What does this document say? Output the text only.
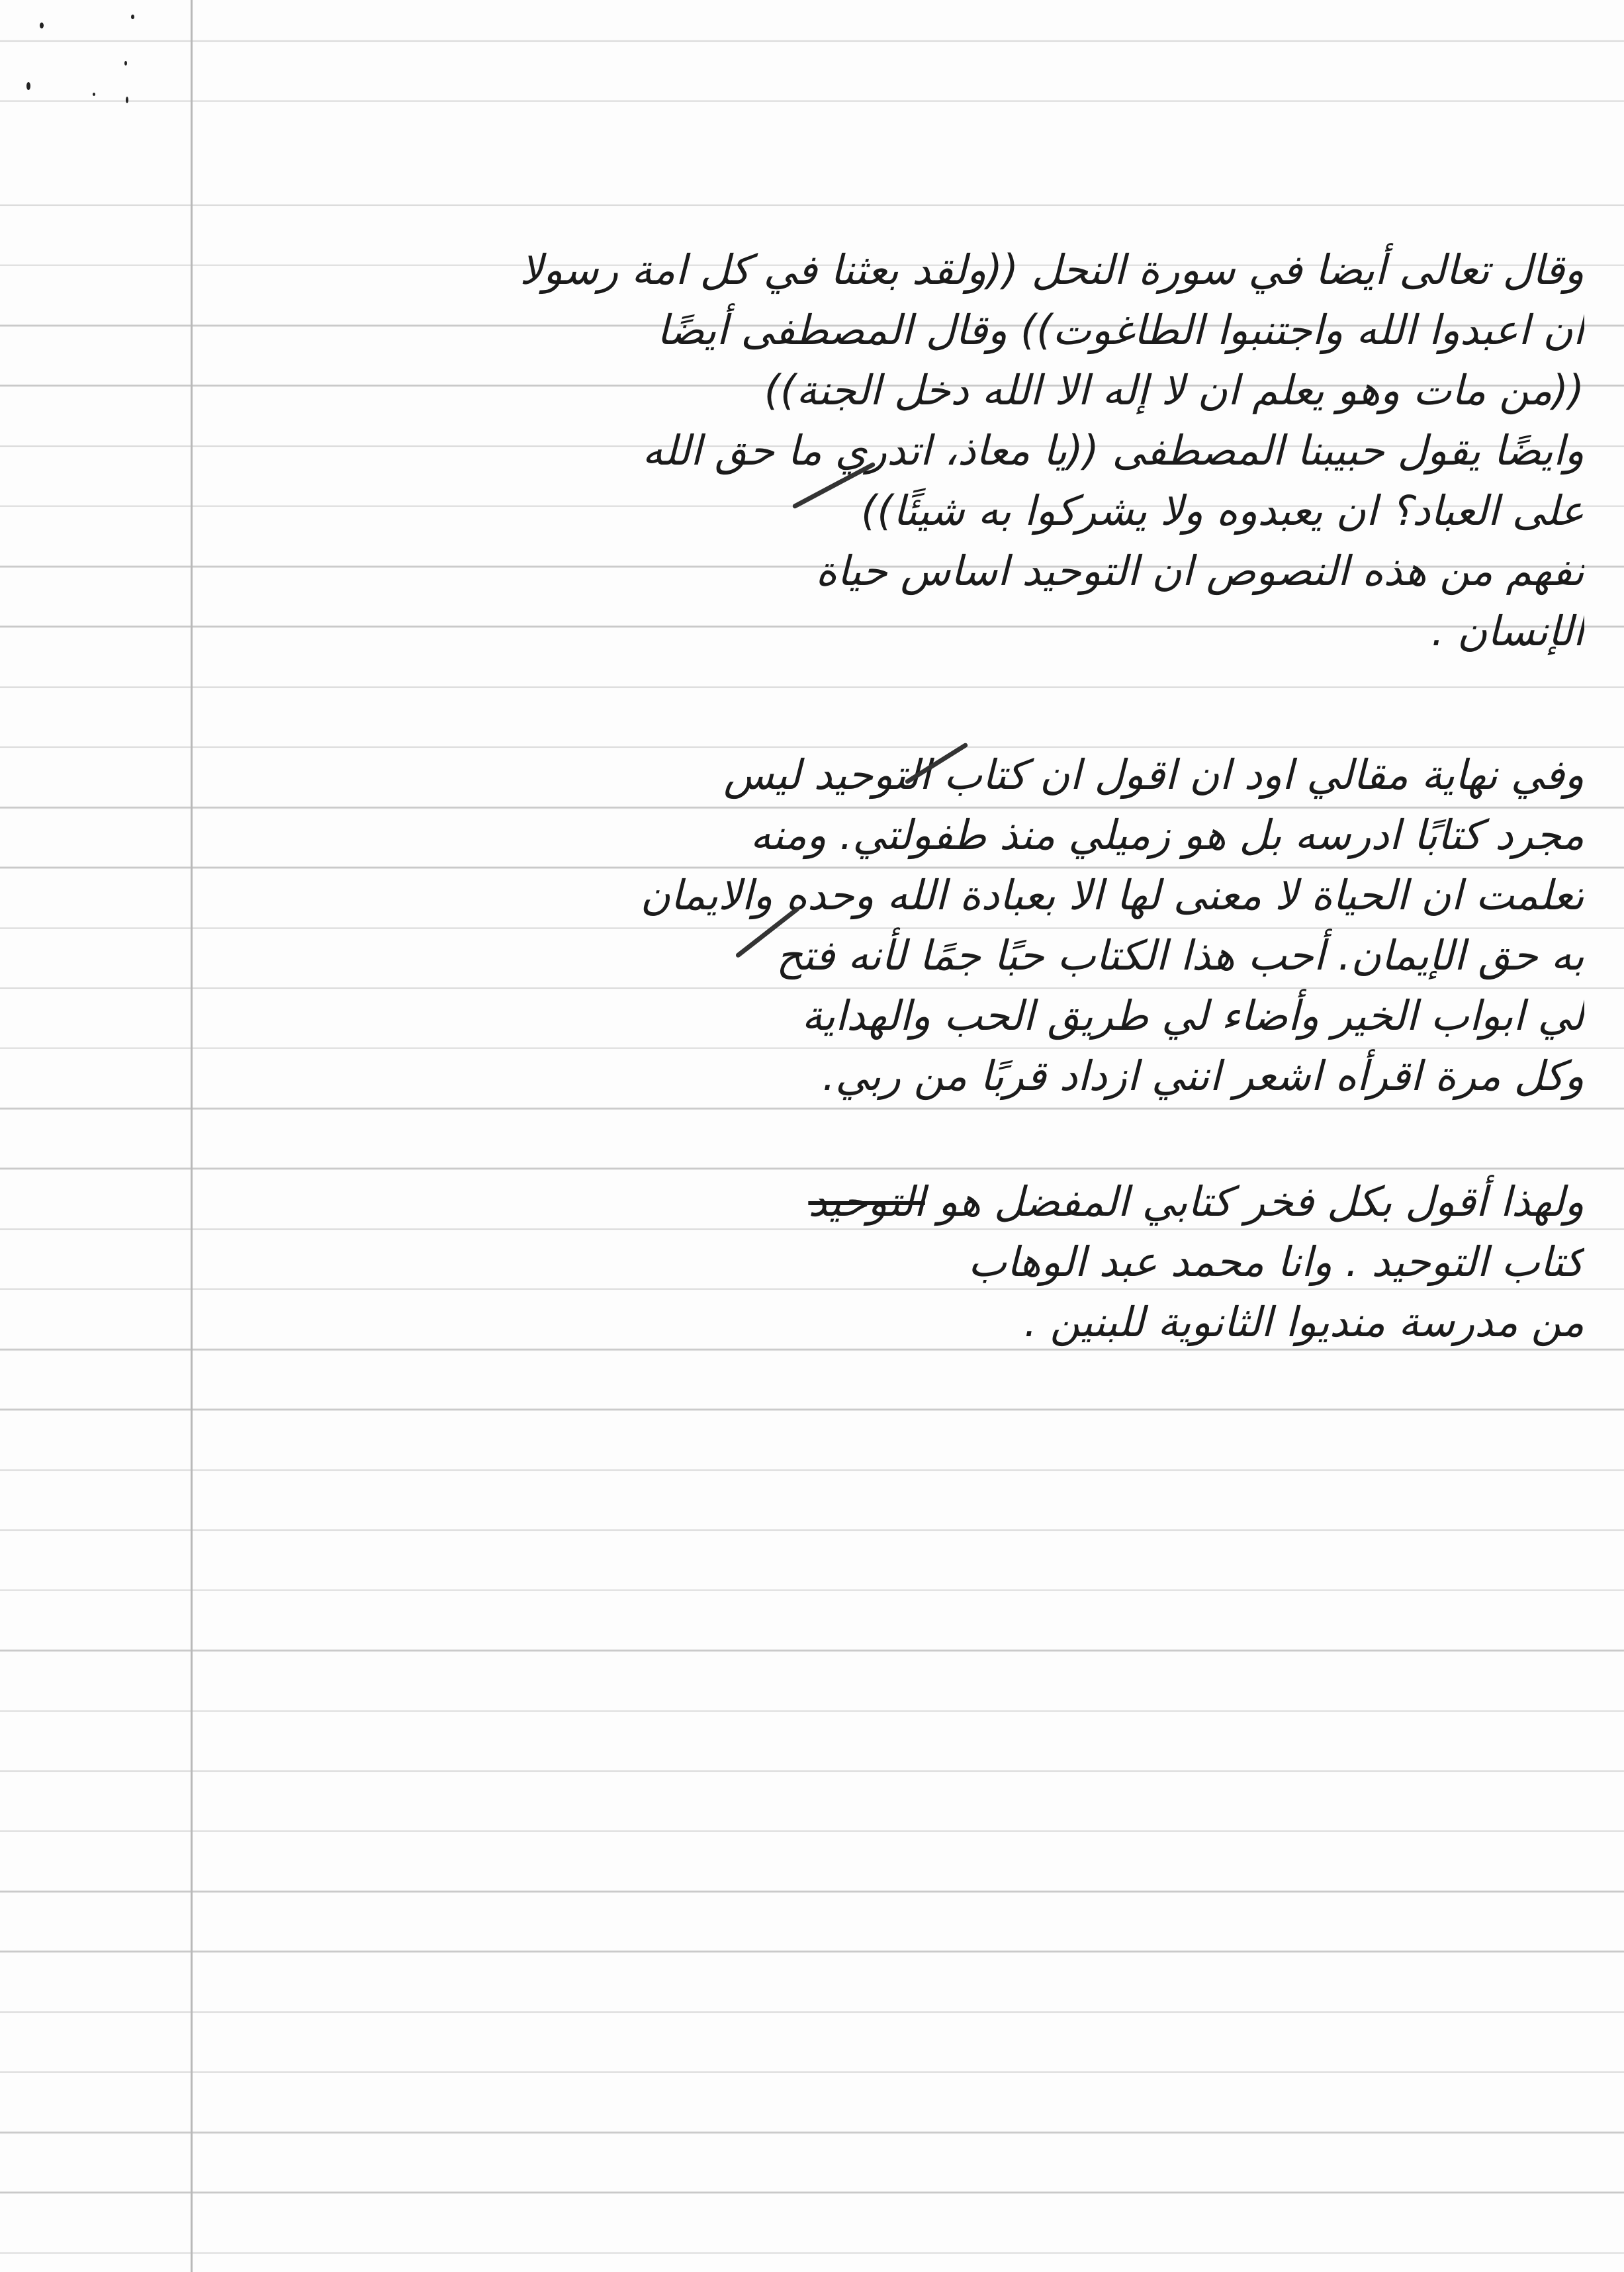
وقال تعالى أيضا في سورة النحل ((ولقد بعثنا في كل امة رسولا
ان اعبدوا الله واجتنبوا الطاغوت)) وقال المصطفى أيضًا
((من مات وهو يعلم ان لا إله الا الله دخل الجنة))
وايضًا يقول حبيبنا المصطفى ((يا معاذ، اتدري ما حق الله
على العباد؟ ان يعبدوه ولا يشركوا به شيئًا))
نفهم من هذه النصوص ان التوحيد اساس حياة
الإنسان .
وفي نهاية مقالي اود ان اقول ان كتاب التوحيد ليس
مجرد كتابًا ادرسه بل هو زميلي منذ طفولتي. ومنه
تعلمت ان الحياة لا معنى لها الا بعبادة الله وحده والايمان
به حق الإيمان. أحب هذا الكتاب حبًا جمًا لأنه فتح
لي ابواب الخير وأضاء لي طريق الحب والهداية
وكل مرة اقرأه اشعر انني ازداد قربًا من ربي.
ولهذا أقول بكل فخر كتابي المفضل هو التوحيد
كتاب التوحيد . وانا محمد عبد الوهاب
من مدرسة منديوا الثانوية للبنين .
